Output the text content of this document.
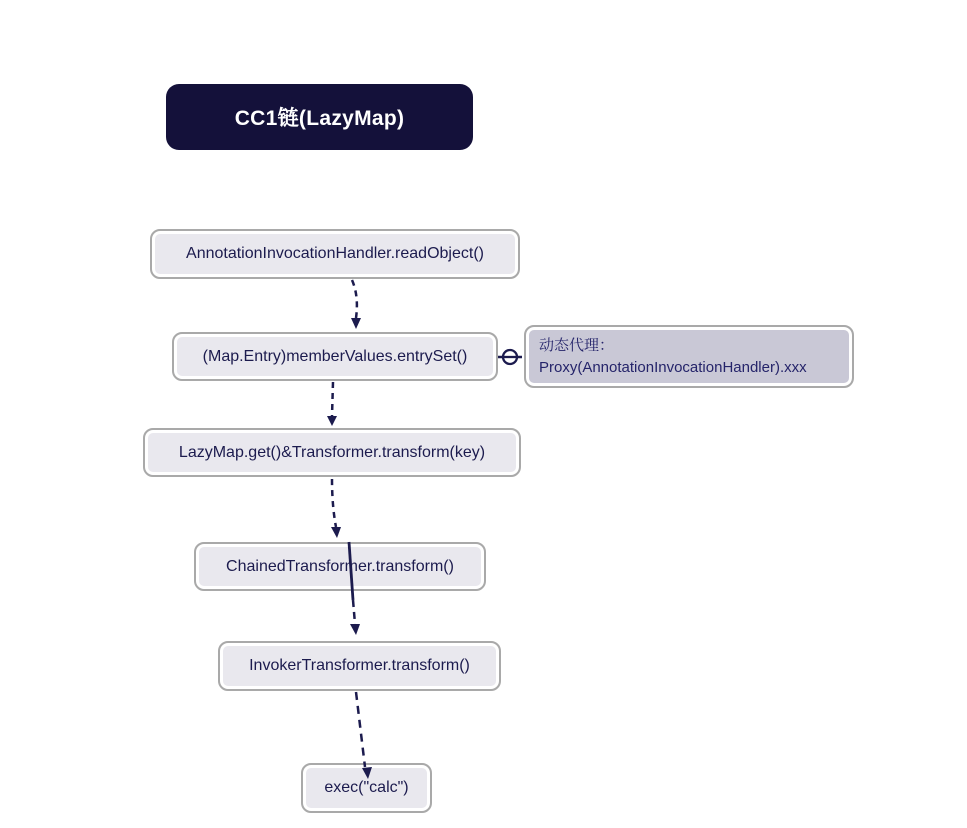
CC1链(LazyMap)
AnnotationInvocationHandler.readObject()
(Map.Entry)memberValues.entrySet()
LazyMap.get()&Transformer.transform(key)
ChainedTransformer.transform()
InvokerTransformer.transform()
exec("calc")
动态代理：
Proxy(AnnotationInvocationHandler).xxx
